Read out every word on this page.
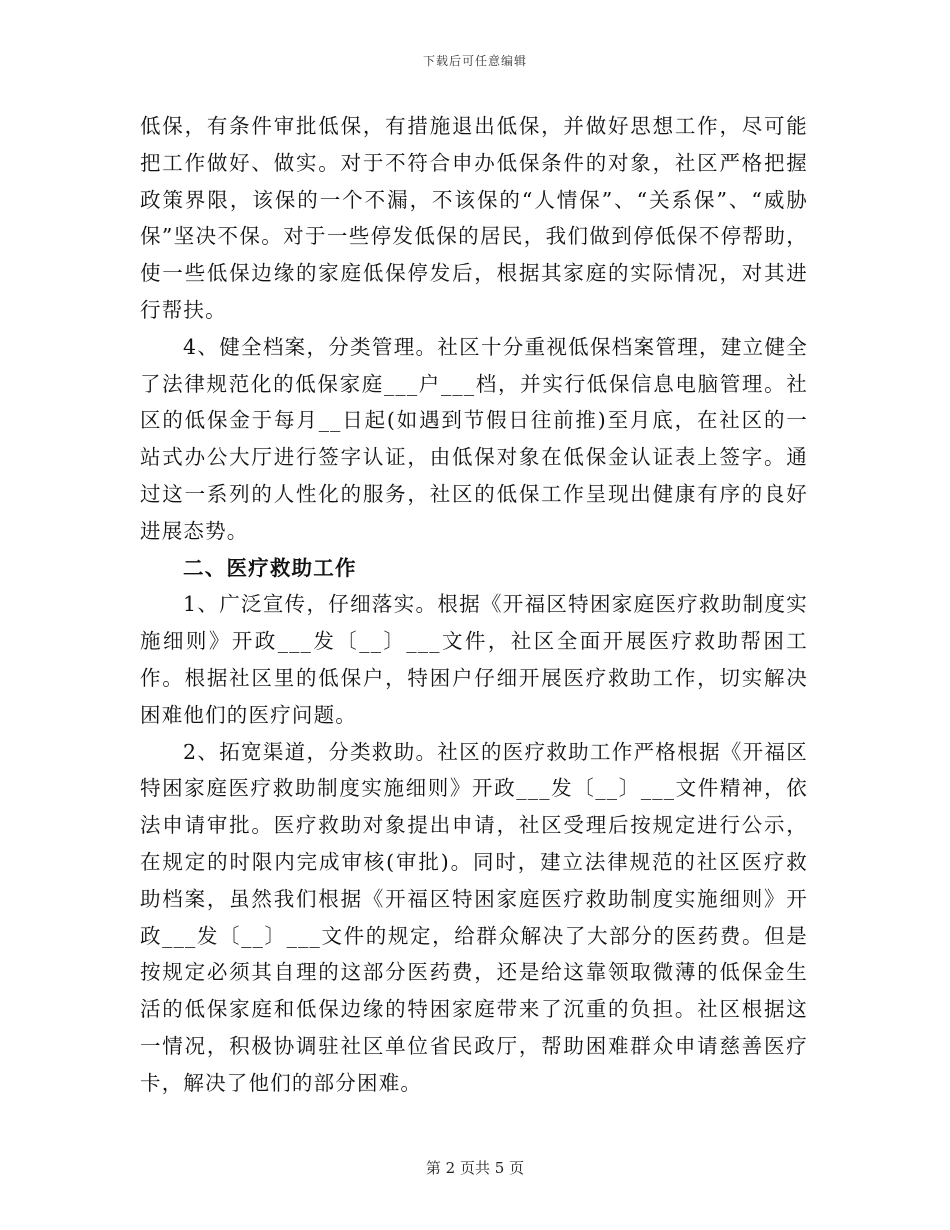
下载后可任意编辑

低保，有条件审批低保，有措施退出低保，并做好思想工作，尽可能把工作做好、做实。对于不符合申办低保条件的对象，社区严格把握政策界限，该保的一个不漏，不该保的“人情保”、“关系保”、“威胁保”坚决不保。对于一些停发低保的居民，我们做到停低保不停帮助，使一些低保边缘的家庭低保停发后，根据其家庭的实际情况，对其进行帮扶。

4、健全档案，分类管理。社区十分重视低保档案管理，建立健全了法律规范化的低保家庭___户___档，并实行低保信息电脑管理。社区的低保金于每月__日起(如遇到节假日往前推)至月底，在社区的一站式办公大厅进行签字认证，由低保对象在低保金认证表上签字。通过这一系列的人性化的服务，社区的低保工作呈现出健康有序的良好进展态势。

二、医疗救助工作

1、广泛宣传，仔细落实。根据《开福区特困家庭医疗救助制度实施细则》开政___发〔__〕___文件，社区全面开展医疗救助帮困工作。根据社区里的低保户，特困户仔细开展医疗救助工作，切实解决困难他们的医疗问题。

2、拓宽渠道，分类救助。社区的医疗救助工作严格根据《开福区特困家庭医疗救助制度实施细则》开政___发〔__〕___文件精神，依法申请审批。医疗救助对象提出申请，社区受理后按规定进行公示，在规定的时限内完成审核(审批)。同时，建立法律规范的社区医疗救助档案，虽然我们根据《开福区特困家庭医疗救助制度实施细则》开政___发〔__〕___文件的规定，给群众解决了大部分的医药费。但是按规定必须其自理的这部分医药费，还是给这靠领取微薄的低保金生活的低保家庭和低保边缘的特困家庭带来了沉重的负担。社区根据这一情况，积极协调驻社区单位省民政厅，帮助困难群众申请慈善医疗卡，解决了他们的部分困难。

第 2 页共 5 页
